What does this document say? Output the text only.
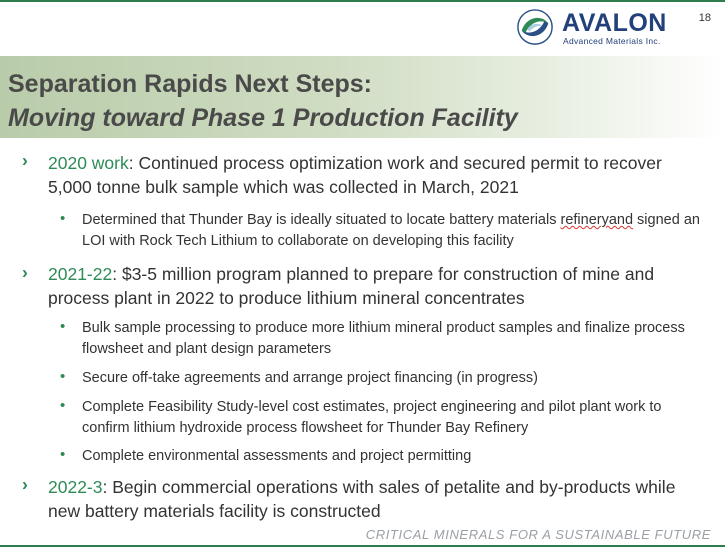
18
AVALON
Advanced Materials Inc.
Separation Rapids Next Steps:
Moving toward Phase 1 Production Facility
› 2020 work: Continued process optimization work and secured permit to recover 5,000 tonne bulk sample which was collected in March, 2021
• Determined that Thunder Bay is ideally situated to locate battery materials refineryand signed an LOI with Rock Tech Lithium to collaborate on developing this facility
› 2021-22: $3-5 million program planned to prepare for construction of mine and process plant in 2022 to produce lithium mineral concentrates
• Bulk sample processing to produce more lithium mineral product samples and finalize process flowsheet and plant design parameters
• Secure off-take agreements and arrange project financing (in progress)
• Complete Feasibility Study-level cost estimates, project engineering and pilot plant work to confirm lithium hydroxide process flowsheet for Thunder Bay Refinery
• Complete environmental assessments and project permitting
› 2022-3: Begin commercial operations with sales of petalite and by-products while new battery materials facility is constructed
CRITICAL MINERALS FOR A SUSTAINABLE FUTURE
